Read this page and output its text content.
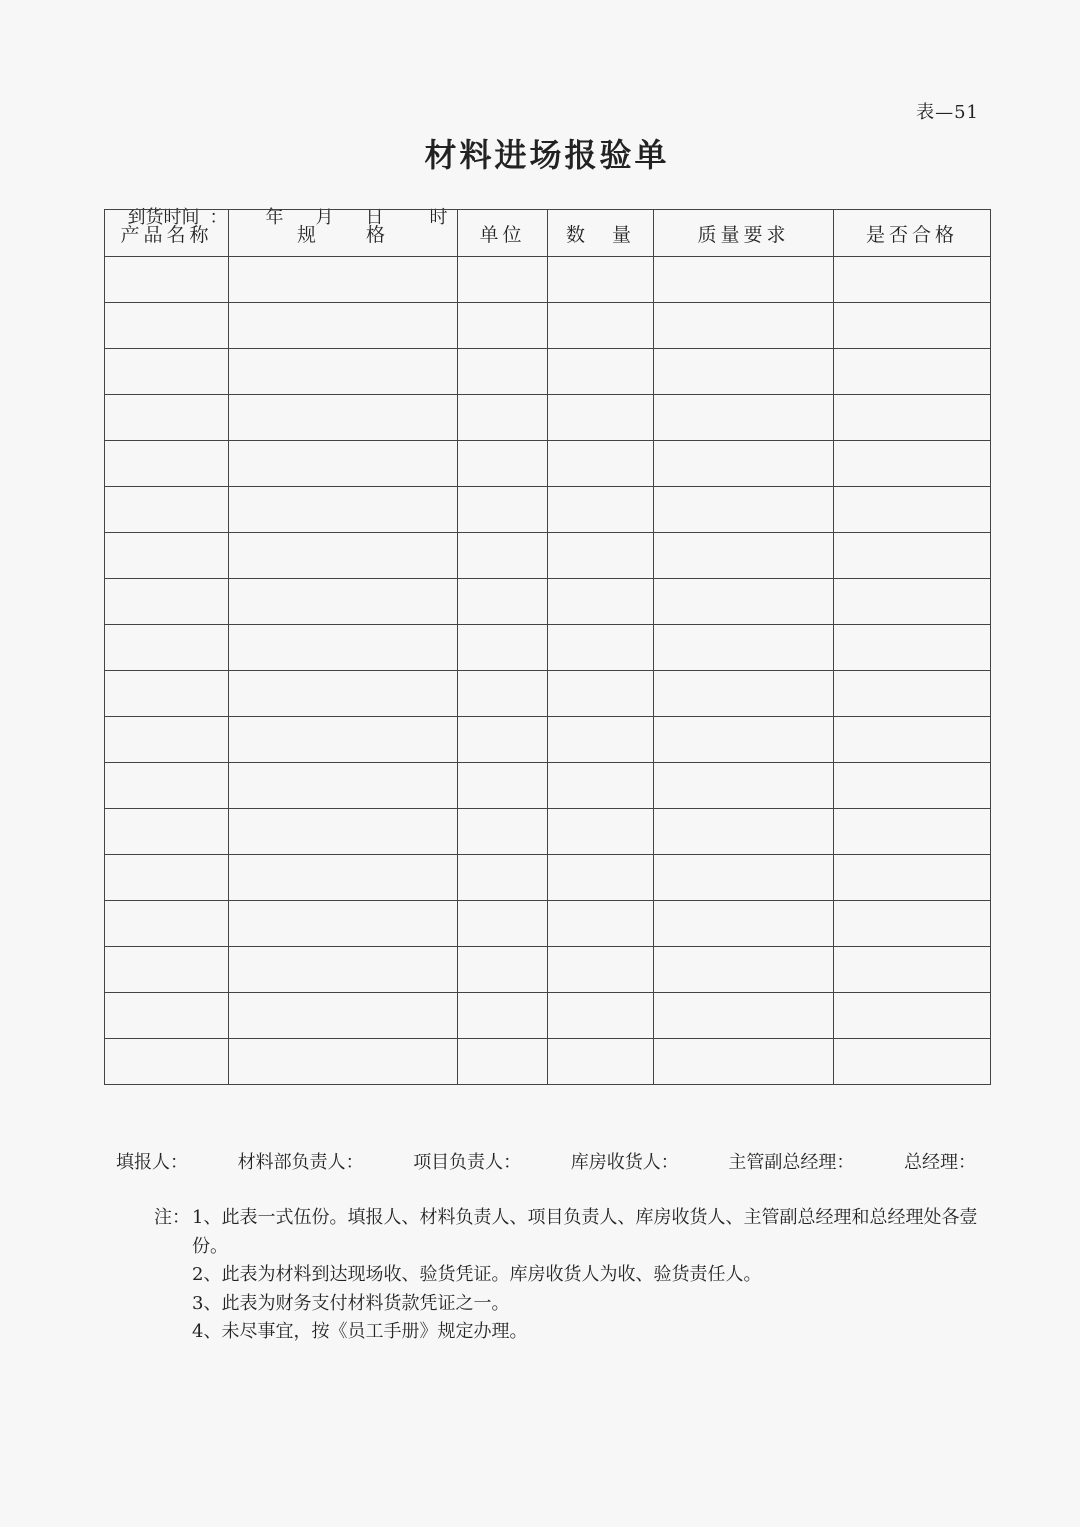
表—51
材料进场报验单

到货时间 ： 年 月 日	时

产品名称	规　　格	单位	数　量	质量要求	是否合格

填报人：	材料部负责人：	项目负责人：	库房收货人：	主管副总经理：	总经理：
注： 1、此表一式伍份。填报人、材料负责人、项目负责人、库房收货人、主管副总经理和总经理处各壹份。
2、此表为材料到达现场收、验货凭证。库房收货人为收、验货责任人。
3、此表为财务支付材料货款凭证之一。
4、未尽事宜，按《员工手册》规定办理。
